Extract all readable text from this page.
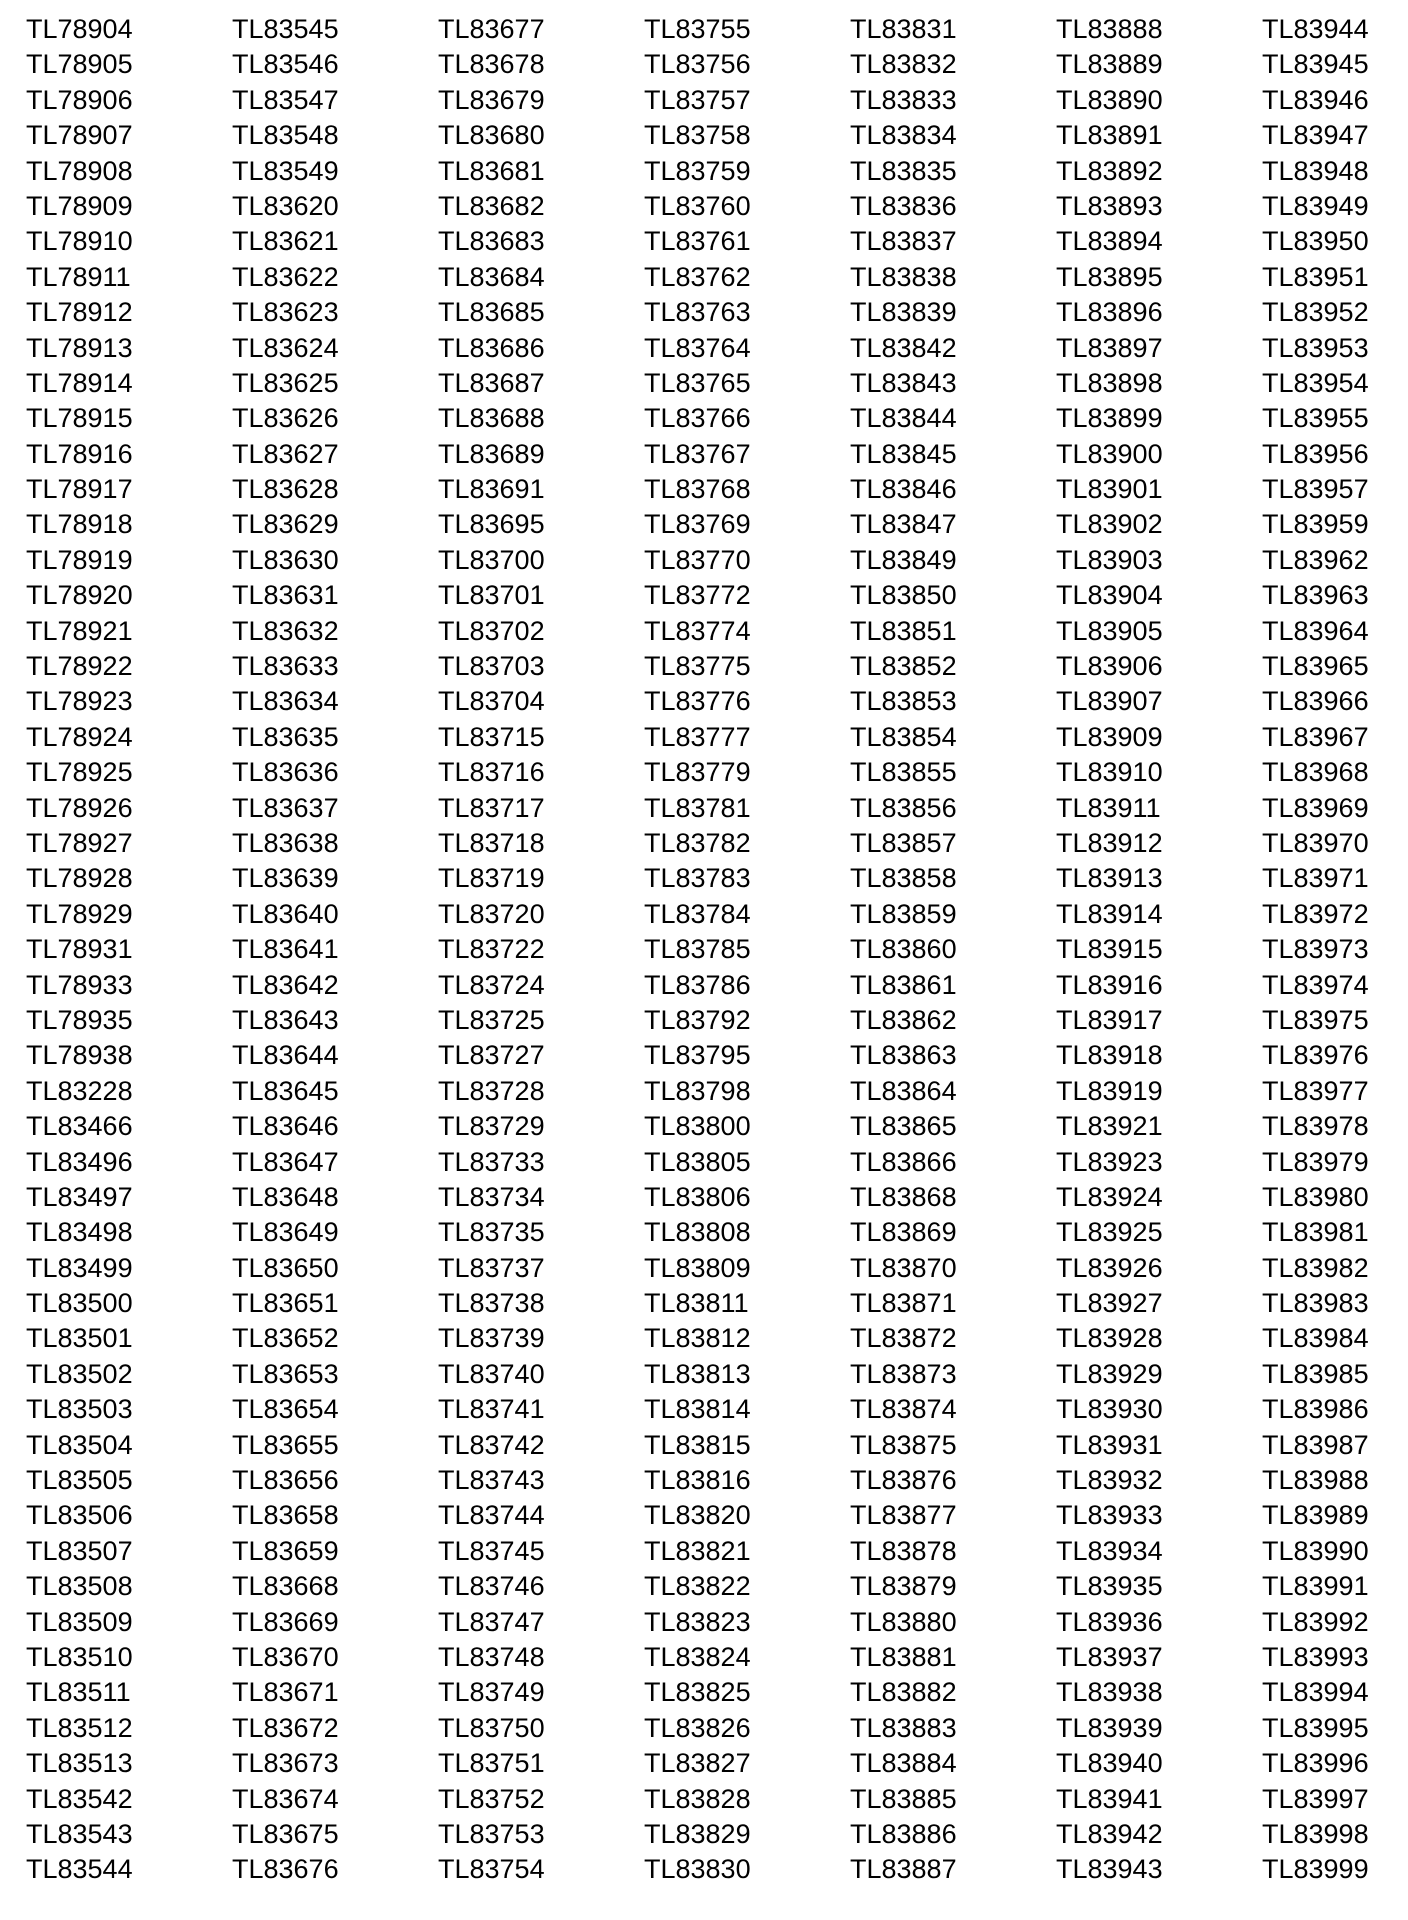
TL78904	TL83545	TL83677	TL83755	TL83831	TL83888	TL83944
TL78905	TL83546	TL83678	TL83756	TL83832	TL83889	TL83945
TL78906	TL83547	TL83679	TL83757	TL83833	TL83890	TL83946
TL78907	TL83548	TL83680	TL83758	TL83834	TL83891	TL83947
TL78908	TL83549	TL83681	TL83759	TL83835	TL83892	TL83948
TL78909	TL83620	TL83682	TL83760	TL83836	TL83893	TL83949
TL78910	TL83621	TL83683	TL83761	TL83837	TL83894	TL83950
TL78911	TL83622	TL83684	TL83762	TL83838	TL83895	TL83951
TL78912	TL83623	TL83685	TL83763	TL83839	TL83896	TL83952
TL78913	TL83624	TL83686	TL83764	TL83842	TL83897	TL83953
TL78914	TL83625	TL83687	TL83765	TL83843	TL83898	TL83954
TL78915	TL83626	TL83688	TL83766	TL83844	TL83899	TL83955
TL78916	TL83627	TL83689	TL83767	TL83845	TL83900	TL83956
TL78917	TL83628	TL83691	TL83768	TL83846	TL83901	TL83957
TL78918	TL83629	TL83695	TL83769	TL83847	TL83902	TL83959
TL78919	TL83630	TL83700	TL83770	TL83849	TL83903	TL83962
TL78920	TL83631	TL83701	TL83772	TL83850	TL83904	TL83963
TL78921	TL83632	TL83702	TL83774	TL83851	TL83905	TL83964
TL78922	TL83633	TL83703	TL83775	TL83852	TL83906	TL83965
TL78923	TL83634	TL83704	TL83776	TL83853	TL83907	TL83966
TL78924	TL83635	TL83715	TL83777	TL83854	TL83909	TL83967
TL78925	TL83636	TL83716	TL83779	TL83855	TL83910	TL83968
TL78926	TL83637	TL83717	TL83781	TL83856	TL83911	TL83969
TL78927	TL83638	TL83718	TL83782	TL83857	TL83912	TL83970
TL78928	TL83639	TL83719	TL83783	TL83858	TL83913	TL83971
TL78929	TL83640	TL83720	TL83784	TL83859	TL83914	TL83972
TL78931	TL83641	TL83722	TL83785	TL83860	TL83915	TL83973
TL78933	TL83642	TL83724	TL83786	TL83861	TL83916	TL83974
TL78935	TL83643	TL83725	TL83792	TL83862	TL83917	TL83975
TL78938	TL83644	TL83727	TL83795	TL83863	TL83918	TL83976
TL83228	TL83645	TL83728	TL83798	TL83864	TL83919	TL83977
TL83466	TL83646	TL83729	TL83800	TL83865	TL83921	TL83978
TL83496	TL83647	TL83733	TL83805	TL83866	TL83923	TL83979
TL83497	TL83648	TL83734	TL83806	TL83868	TL83924	TL83980
TL83498	TL83649	TL83735	TL83808	TL83869	TL83925	TL83981
TL83499	TL83650	TL83737	TL83809	TL83870	TL83926	TL83982
TL83500	TL83651	TL83738	TL83811	TL83871	TL83927	TL83983
TL83501	TL83652	TL83739	TL83812	TL83872	TL83928	TL83984
TL83502	TL83653	TL83740	TL83813	TL83873	TL83929	TL83985
TL83503	TL83654	TL83741	TL83814	TL83874	TL83930	TL83986
TL83504	TL83655	TL83742	TL83815	TL83875	TL83931	TL83987
TL83505	TL83656	TL83743	TL83816	TL83876	TL83932	TL83988
TL83506	TL83658	TL83744	TL83820	TL83877	TL83933	TL83989
TL83507	TL83659	TL83745	TL83821	TL83878	TL83934	TL83990
TL83508	TL83668	TL83746	TL83822	TL83879	TL83935	TL83991
TL83509	TL83669	TL83747	TL83823	TL83880	TL83936	TL83992
TL83510	TL83670	TL83748	TL83824	TL83881	TL83937	TL83993
TL83511	TL83671	TL83749	TL83825	TL83882	TL83938	TL83994
TL83512	TL83672	TL83750	TL83826	TL83883	TL83939	TL83995
TL83513	TL83673	TL83751	TL83827	TL83884	TL83940	TL83996
TL83542	TL83674	TL83752	TL83828	TL83885	TL83941	TL83997
TL83543	TL83675	TL83753	TL83829	TL83886	TL83942	TL83998
TL83544	TL83676	TL83754	TL83830	TL83887	TL83943	TL83999
